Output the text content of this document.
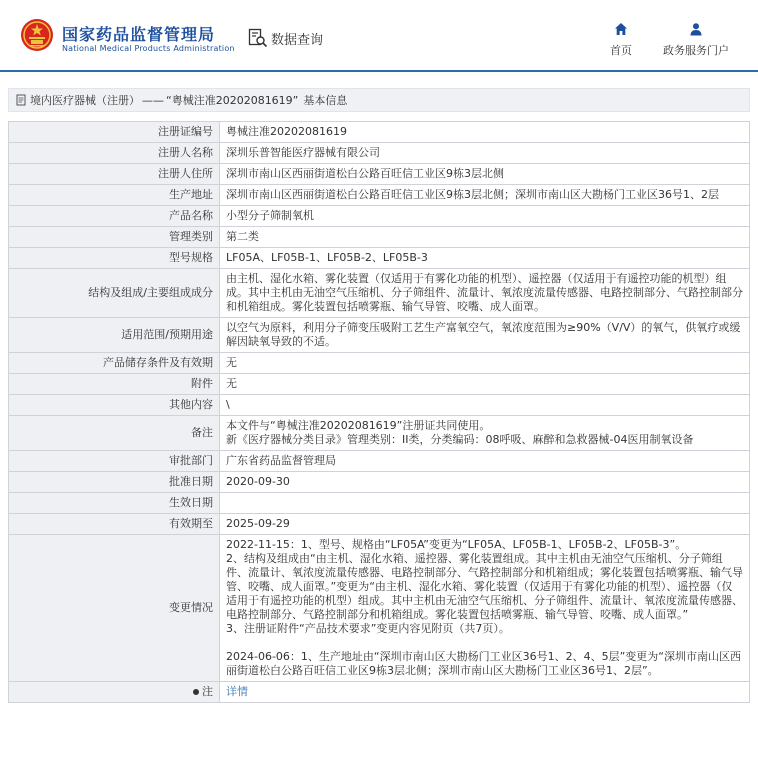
国家药品监督管理局
National Medical Products Administration
数据查询
首页	政务服务门户
境内医疗器械（注册） —— “粤械注准20202081619” 基本信息
注册证编号	粤械注准20202081619
注册人名称	深圳乐普智能医疗器械有限公司
注册人住所	深圳市南山区西丽街道松白公路百旺信工业区9栋3层北侧
生产地址	深圳市南山区西丽街道松白公路百旺信工业区9栋3层北侧；深圳市南山区大勘杨门工业区36号1、2层
产品名称	小型分子筛制氧机
管理类别	第二类
型号规格	LF05A、LF05B-1、LF05B-2、LF05B-3
结构及组成/主要组成成分	由主机、湿化水箱、雾化装置（仅适用于有雾化功能的机型）、遥控器（仅适用于有遥控功能的机型）组成。其中主机由无油空气压缩机、分子筛组件、流量计、氧浓度流量传感器、电路控制部分、气路控制部分和机箱组成。雾化装置包括喷雾瓶、输气导管、咬嘴、成人面罩。
适用范围/预期用途	以空气为原料，利用分子筛变压吸附工艺生产富氧空气，氧浓度范围为≥90%（V/V）的氧气，供氧疗或缓解因缺氧导致的不适。
产品储存条件及有效期	无
附件	无
其他内容	\
备注	本文件与“粤械注准20202081619”注册证共同使用。
新《医疗器械分类目录》管理类别：II类，分类编码：08呼吸、麻醉和急救器械-04医用制氧设备
审批部门	广东省药品监督管理局
批准日期	2020-09-30
生效日期	
有效期至	2025-09-29
变更情况	2022-11-15：1、型号、规格由“LF05A”变更为“LF05A、LF05B-1、LF05B-2、LF05B-3”。
2、结构及组成由“由主机、湿化水箱、遥控器、雾化装置组成。其中主机由无油空气压缩机、分子筛组件、流量计、氧浓度流量传感器、电路控制部分、气路控制部分和机箱组成；雾化装置包括喷雾瓶、输气导管、咬嘴、成人面罩。”变更为“由主机、湿化水箱、雾化装置（仅适用于有雾化功能的机型）、遥控器（仅适用于有遥控功能的机型）组成。其中主机由无油空气压缩机、分子筛组件、流量计、氧浓度流量传感器、电路控制部分、气路控制部分和机箱组成。雾化装置包括喷雾瓶、输气导管、咬嘴、成人面罩。”
3、注册证附件“产品技术要求”变更内容见附页（共7页）。

2024-06-06：1、生产地址由“深圳市南山区大勘杨门工业区36号1、2、4、5层”变更为“深圳市南山区西丽街道松白公路百旺信工业区9栋3层北侧；深圳市南山区大勘杨门工业区36号1、2层”。
注	详情
